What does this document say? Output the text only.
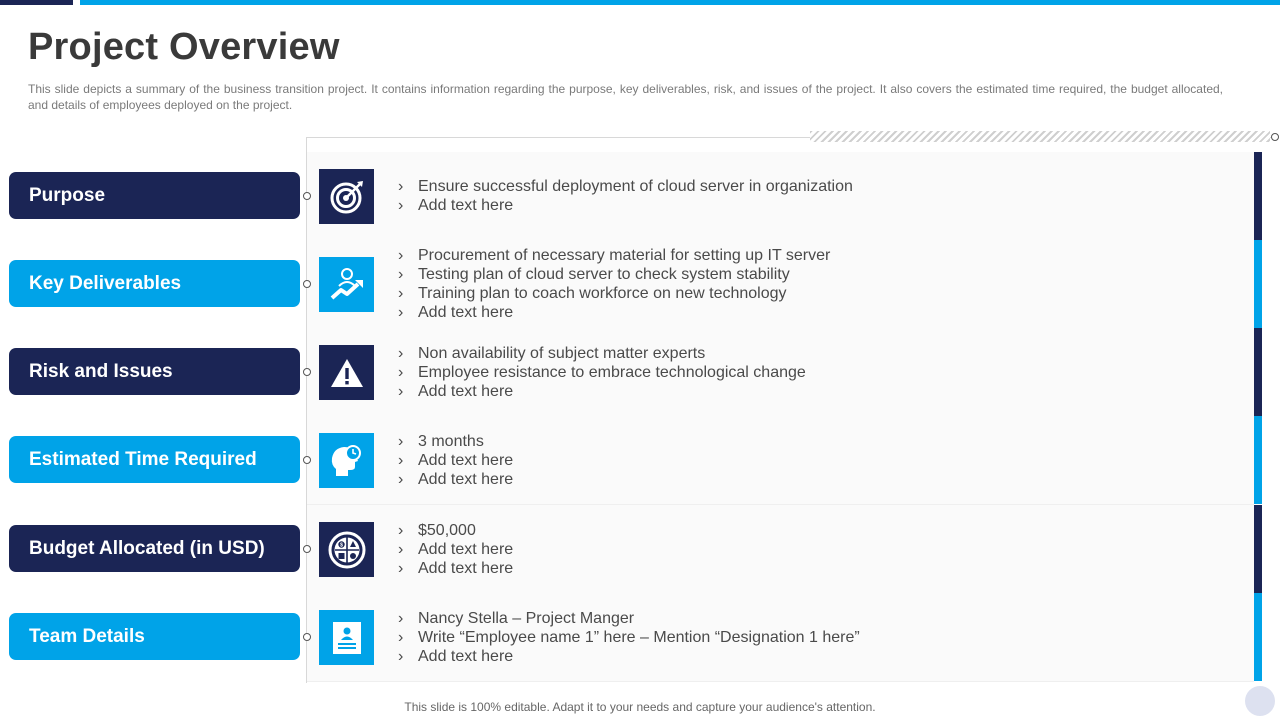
Project Overview
This slide depicts a summary of the business transition project. It contains information regarding the purpose, key deliverables, risk, and issues of the project. It also covers the estimated time required, the budget allocated, and details of employees deployed on the project.
Purpose	› Ensure successful deployment of cloud server in organization
› Add text here
Key Deliverables
› Procurement of necessary material for setting up IT server
› Testing plan of cloud server to check system stability
› Training plan to coach workforce on new technology
› Add text here
Risk and Issues
› Non availability of subject matter experts
› Employee resistance to embrace technological change
› Add text here
Estimated Time Required
› 3 months
› Add text here
› Add text here
Budget Allocated (in USD)	$
› $50,000
› Add text here
› Add text here
Team Details
› Nancy Stella – Project Manger
› Write “Employee name 1” here – Mention “Designation 1 here”
› Add text here
This slide is 100% editable. Adapt it to your needs and capture your audience's attention.
